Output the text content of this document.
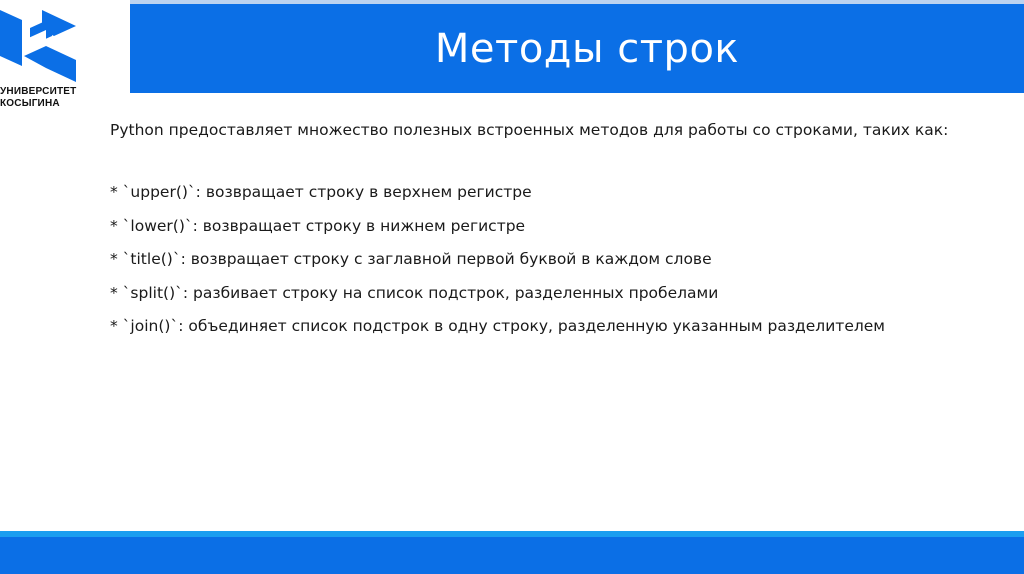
УНИВЕРСИТЕТ
КОСЫГИНА
Методы строк

Python предоставляет множество полезных встроенных методов для работы со строками, таких как:

* `upper()`: возвращает строку в верхнем регистре
* `lower()`: возвращает строку в нижнем регистре
* `title()`: возвращает строку с заглавной первой буквой в каждом слове
* `split()`: разбивает строку на список подстрок, разделенных пробелами
* `join()`: объединяет список подстрок в одну строку, разделенную указанным разделителем
